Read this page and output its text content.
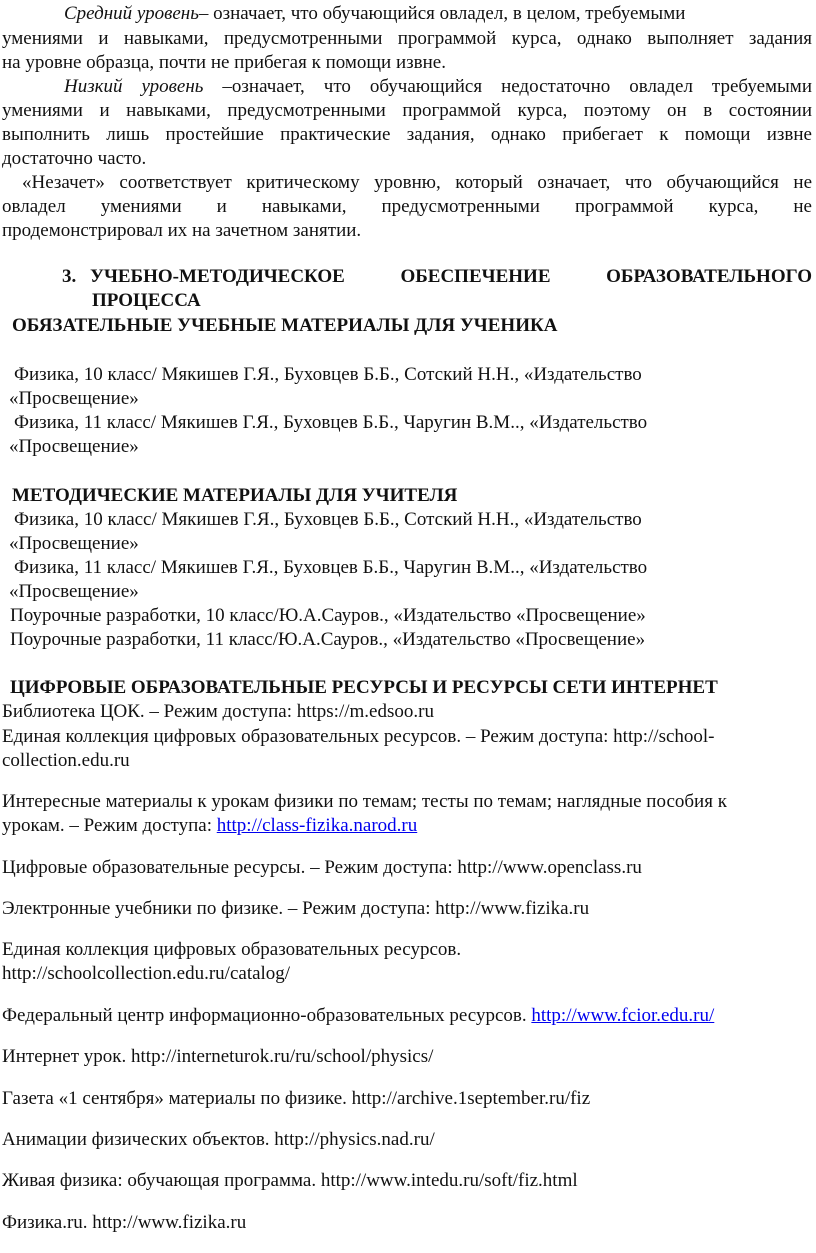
Средний уровень– означает, что обучающийся овладел, в целом, требуемыми
умениями и навыками, предусмотренными программой курса, однако выполняет задания
на уровне образца, почти не прибегая к помощи извне.
Низкий уровень –означает, что обучающийся недостаточно овладел требуемыми
умениями и навыками, предусмотренными программой курса, поэтому он в состоянии
выполнить лишь простейшие практические задания, однако прибегает к помощи извне
достаточно часто.
«Незачет» соответствует критическому уровню, который означает, что обучающийся не
овладел умениями и навыками, предусмотренными программой курса, не
продемонстрировал их на зачетном занятии.
3. УЧЕБНО-МЕТОДИЧЕСКОЕ ОБЕСПЕЧЕНИЕ ОБРАЗОВАТЕЛЬНОГО
ПРОЦЕССА
ОБЯЗАТЕЛЬНЫЕ УЧЕБНЫЕ МАТЕРИАЛЫ ДЛЯ УЧЕНИКА
Физика, 10 класс/ Мякишев Г.Я., Буховцев Б.Б., Сотский Н.Н., «Издательство
«Просвещение»
Физика, 11 класс/ Мякишев Г.Я., Буховцев Б.Б., Чаругин В.М.., «Издательство
«Просвещение»
МЕТОДИЧЕСКИЕ МАТЕРИАЛЫ ДЛЯ УЧИТЕЛЯ
Физика, 10 класс/ Мякишев Г.Я., Буховцев Б.Б., Сотский Н.Н., «Издательство
«Просвещение»
Физика, 11 класс/ Мякишев Г.Я., Буховцев Б.Б., Чаругин В.М.., «Издательство
«Просвещение»
Поурочные разработки, 10 класс/Ю.А.Сауров., «Издательство «Просвещение»
Поурочные разработки, 11 класс/Ю.А.Сауров., «Издательство «Просвещение»
ЦИФРОВЫЕ ОБРАЗОВАТЕЛЬНЫЕ РЕСУРСЫ И РЕСУРСЫ СЕТИ ИНТЕРНЕТ
Библиотека ЦОК. – Режим доступа: https://m.edsoo.ru
Единая коллекция цифровых образовательных ресурсов. – Режим доступа: http://school-
collection.edu.ru
Интересные материалы к урокам физики по темам; тесты по темам; наглядные пособия к
урокам. – Режим доступа: http://class-fizika.narod.ru
Цифровые образовательные ресурсы. – Режим доступа: http://www.openclass.ru
Электронные учебники по физике. – Режим доступа: http://www.fizika.ru
Единая коллекция цифровых образовательных ресурсов.
http://schoolcollection.edu.ru/catalog/
Федеральный центр информационно-образовательных ресурсов. http://www.fcior.edu.ru/
Интернет урок. http://interneturok.ru/ru/school/physics/
Газета «1 сентября» материалы по физике. http://archive.1september.ru/fiz
Анимации физических объектов. http://physics.nad.ru/
Живая физика: обучающая программа. http://www.intedu.ru/soft/fiz.html
Физика.ru. http://www.fizika.ru
